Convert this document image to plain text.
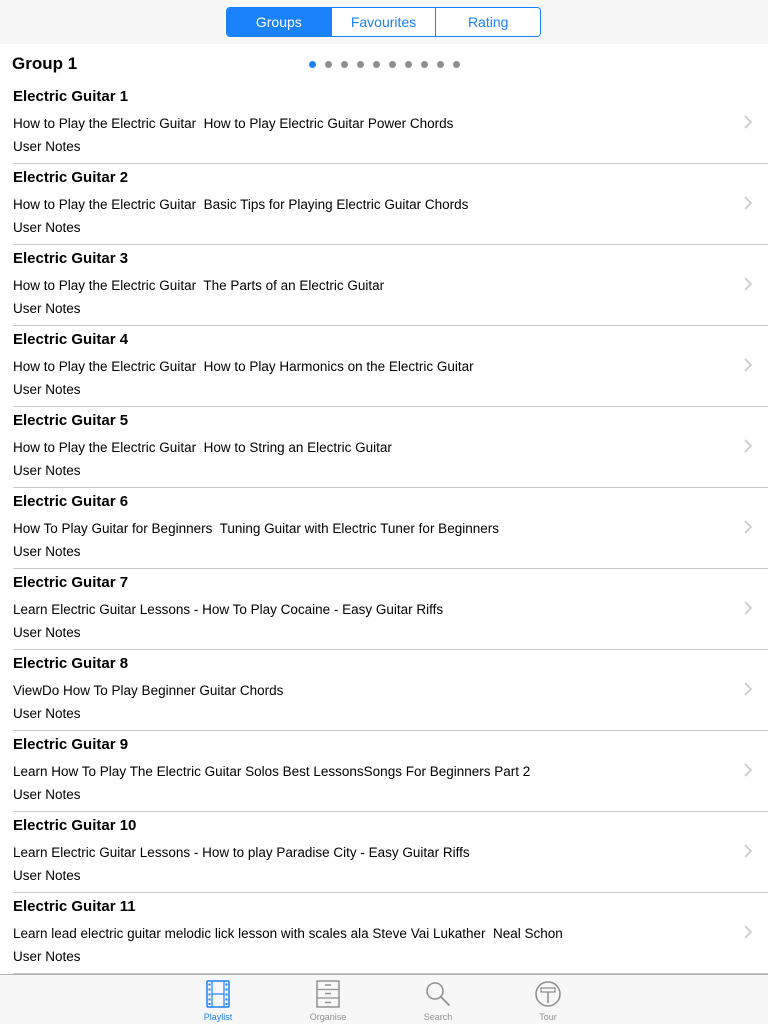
Groups	Favourites	Rating
Group 1
Electric Guitar 1
How to Play the Electric Guitar  How to Play Electric Guitar Power Chords
User Notes
Electric Guitar 2
How to Play the Electric Guitar  Basic Tips for Playing Electric Guitar Chords
User Notes
Electric Guitar 3
How to Play the Electric Guitar  The Parts of an Electric Guitar
User Notes
Electric Guitar 4
How to Play the Electric Guitar  How to Play Harmonics on the Electric Guitar
User Notes
Electric Guitar 5
How to Play the Electric Guitar  How to String an Electric Guitar
User Notes
Electric Guitar 6
How To Play Guitar for Beginners  Tuning Guitar with Electric Tuner for Beginners
User Notes
Electric Guitar 7
Learn Electric Guitar Lessons - How To Play Cocaine - Easy Guitar Riffs
User Notes
Electric Guitar 8
ViewDo How To Play Beginner Guitar Chords
User Notes
Electric Guitar 9
Learn How To Play The Electric Guitar Solos Best LessonsSongs For Beginners Part 2
User Notes
Electric Guitar 10
Learn Electric Guitar Lessons - How to play Paradise City - Easy Guitar Riffs
User Notes
Electric Guitar 11
Learn lead electric guitar melodic lick lesson with scales ala Steve Vai Lukather  Neal Schon
User Notes
Playlist	Organise	Search	Tour
